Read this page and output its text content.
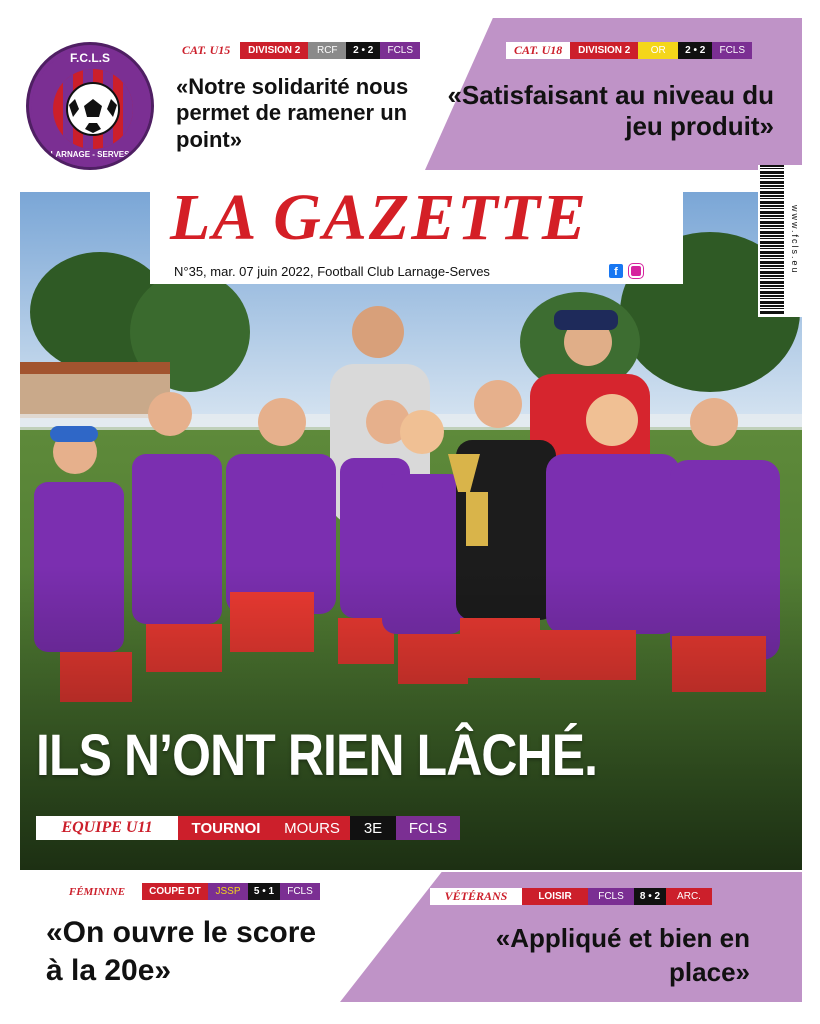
F.C.L.S
LARNAGE - SERVES
CAT. U15	DIVISION 2	RCF	2 • 2	FCLS
«Notre solidarité nous permet de ramener un point»
CAT. U18	DIVISION 2	OR	2 • 2	FCLS
«Satisfaisant au niveau du jeu produit»
ILS N’ONT RIEN LÂCHÉ.
LA GAZETTE
N°35, mar. 07 juin 2022, Football Club Larnage-Serves	f	www.fcls.eu
EQUIPE U11	TOURNOI	MOURS	3E	FCLS
FÉMININE	COUPE DT	JSSP	5 • 1	FCLS
«On ouvre le score à la 20e»
VÉTÉRANS	LOISIR	FCLS	8 • 2	ARC.
«Appliqué et bien en place»
